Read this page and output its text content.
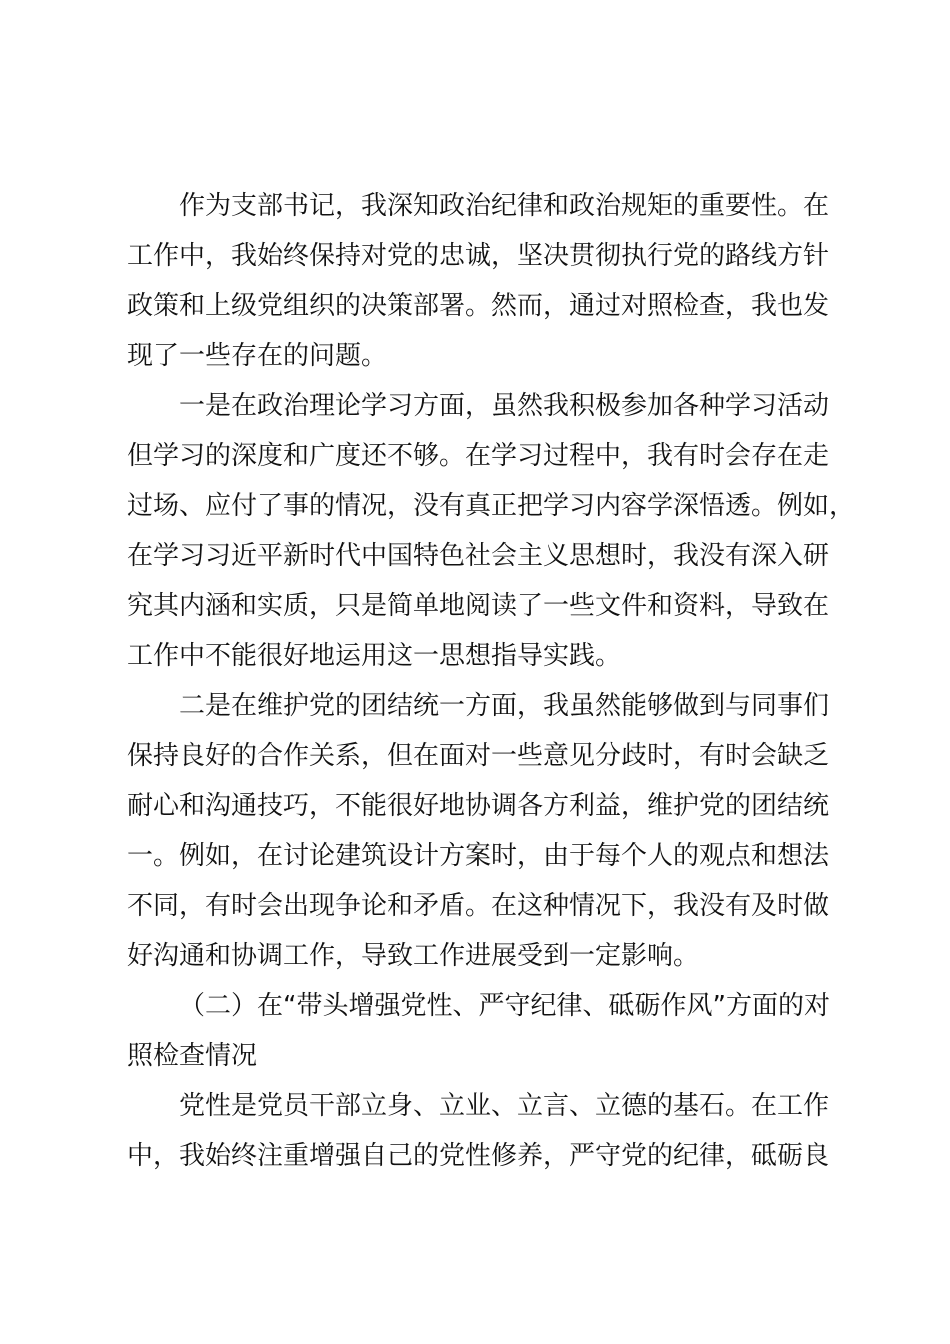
作为支部书记，我深知政治纪律和政治规矩的重要性。在
工作中，我始终保持对党的忠诚，坚决贯彻执行党的路线方针
政策和上级党组织的决策部署。然而，通过对照检查，我也发
现了一些存在的问题。
一是在政治理论学习方面，虽然我积极参加各种学习活动
但学习的深度和广度还不够。在学习过程中，我有时会存在走
过场、应付了事的情况，没有真正把学习内容学深悟透。例如，
在学习习近平新时代中国特色社会主义思想时，我没有深入研
究其内涵和实质，只是简单地阅读了一些文件和资料，导致在
工作中不能很好地运用这一思想指导实践。
二是在维护党的团结统一方面，我虽然能够做到与同事们
保持良好的合作关系，但在面对一些意见分歧时，有时会缺乏
耐心和沟通技巧，不能很好地协调各方利益，维护党的团结统
一。例如，在讨论建筑设计方案时，由于每个人的观点和想法
不同，有时会出现争论和矛盾。在这种情况下，我没有及时做
好沟通和协调工作，导致工作进展受到一定影响。
（二）在“带头增强党性、严守纪律、砥砺作风”方面的对
照检查情况
党性是党员干部立身、立业、立言、立德的基石。在工作
中，我始终注重增强自己的党性修养，严守党的纪律，砥砺良
